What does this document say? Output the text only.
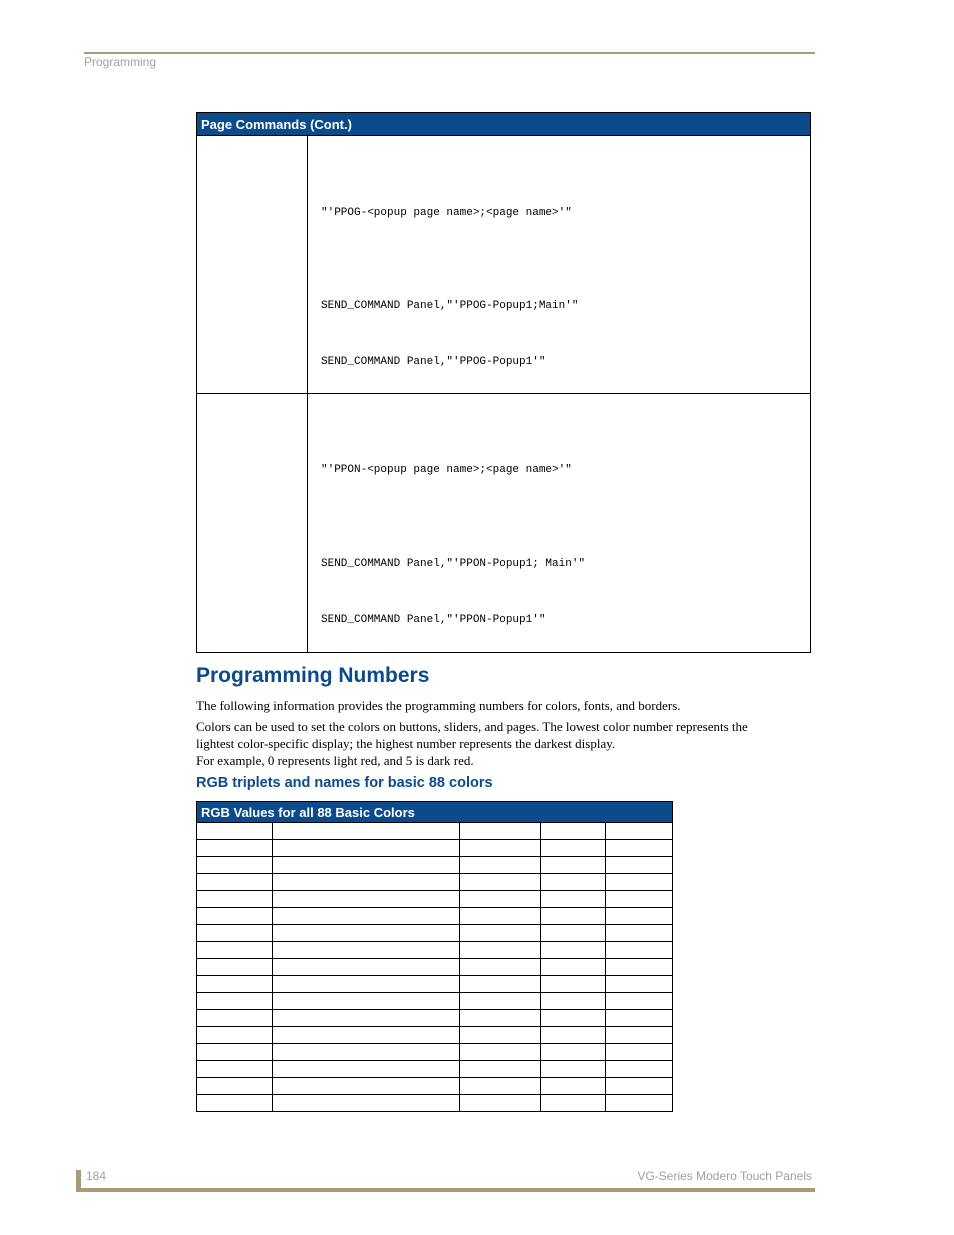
Programming
Page Commands (Cont.)	

	"'PPOG-<popup page name>;<page name>'"
SEND_COMMAND Panel,"'PPOG-Popup1;Main'"
SEND_COMMAND Panel,"'PPOG-Popup1'"

	"'PPON-<popup page name>;<page name>'"
SEND_COMMAND Panel,"'PPON-Popup1; Main'"
SEND_COMMAND Panel,"'PPON-Popup1'"
Programming Numbers
The following information provides the programming numbers for colors, fonts, and borders.
Colors can be used to set the colors on buttons, sliders, and pages. The lowest color number represents the
lightest color-specific display; the highest number represents the darkest display.
For example, 0 represents light red, and 5 is dark red.
RGB triplets and names for basic 88 colors
RGB Values for all 88 Basic Colors				

184	VG-Series Modero Touch Panels
